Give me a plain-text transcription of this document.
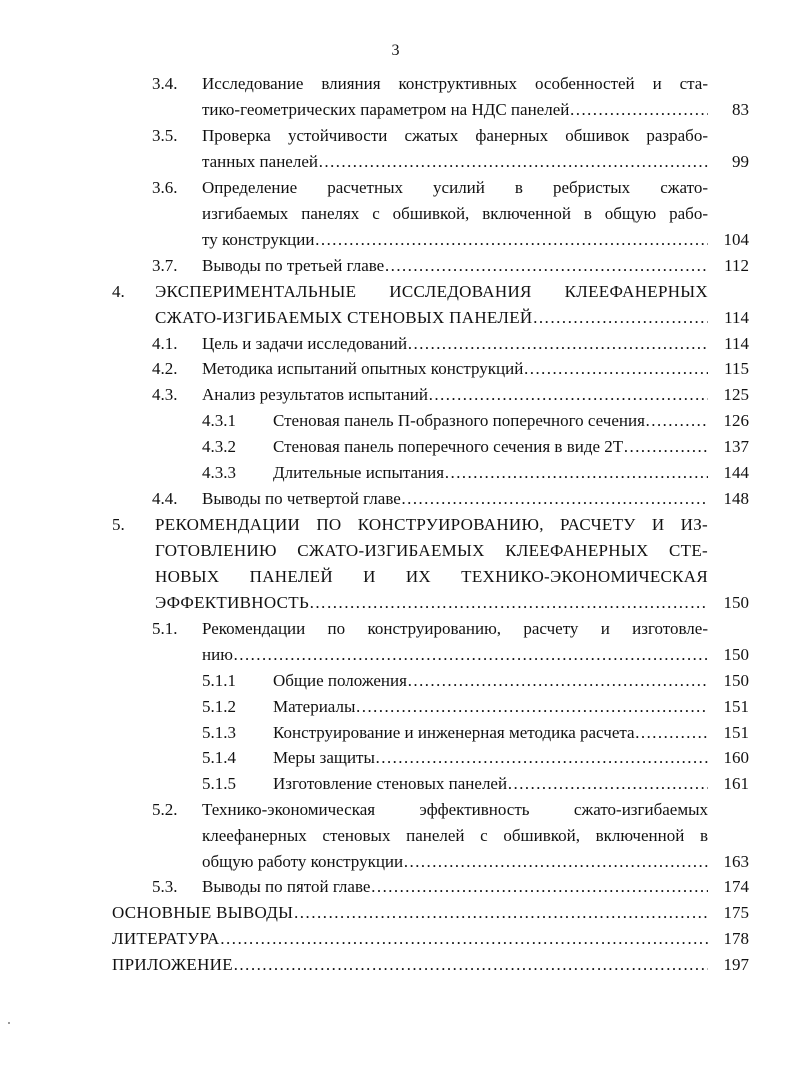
3
3.4. Исследование влияния конструктивных особенностей и ста-
тико-геометрических параметром на НДС панелей …………………………………………………………………………………………………………………………………………	83
3.5. Проверка устойчивости сжатых фанерных обшивок разрабо-
танных панелей …………………………………………………………………………………………………………………………………………	99
3.6. Определение расчетных усилий в ребристых сжато-
изгибаемых панелях с обшивкой, включенной в общую рабо-
ту конструкции …………………………………………………………………………………………………………………………………………	104
3.7. Выводы по третьей главе …………………………………………………………………………………………………………………………………………	112
4. ЭКСПЕРИМЕНТАЛЬНЫЕ ИССЛЕДОВАНИЯ КЛЕЕФАНЕРНЫХ
СЖАТО-ИЗГИБАЕМЫХ СТЕНОВЫХ ПАНЕЛЕЙ …………………………………………………………………………………………………………………………………………	114
4.1. Цель и задачи исследований …………………………………………………………………………………………………………………………………………	114
4.2. Методика испытаний опытных конструкций …………………………………………………………………………………………………………………………………………	115
4.3. Анализ результатов испытаний …………………………………………………………………………………………………………………………………………	125
4.3.1 Стеновая панель П-образного поперечного сечения …………………………………………………………………………………………………………………………………………	126
4.3.2 Стеновая панель поперечного сечения в виде 2Т …………………………………………………………………………………………………………………………………………	137
4.3.3 Длительные испытания …………………………………………………………………………………………………………………………………………	144
4.4. Выводы по четвертой главе …………………………………………………………………………………………………………………………………………	148
5. РЕКОМЕНДАЦИИ ПО КОНСТРУИРОВАНИЮ, РАСЧЕТУ И ИЗ-
ГОТОВЛЕНИЮ СЖАТО-ИЗГИБАЕМЫХ КЛЕЕФАНЕРНЫХ СТЕ-
НОВЫХ ПАНЕЛЕЙ И ИХ ТЕХНИКО-ЭКОНОМИЧЕСКАЯ
ЭФФЕКТИВНОСТЬ …………………………………………………………………………………………………………………………………………	150
5.1. Рекомендации по конструированию, расчету и изготовле-
нию …………………………………………………………………………………………………………………………………………	150
5.1.1 Общие положения …………………………………………………………………………………………………………………………………………	150
5.1.2 Материалы …………………………………………………………………………………………………………………………………………	151
5.1.3 Конструирование и инженерная методика расчета …………………………………………………………………………………………………………………………………………	151
5.1.4 Меры защиты …………………………………………………………………………………………………………………………………………	160
5.1.5 Изготовление стеновых панелей …………………………………………………………………………………………………………………………………………	161
5.2. Технико-экономическая эффективность сжато-изгибаемых
клеефанерных стеновых панелей с обшивкой, включенной в
общую работу конструкции …………………………………………………………………………………………………………………………………………	163
5.3. Выводы по пятой главе …………………………………………………………………………………………………………………………………………	174
ОСНОВНЫЕ ВЫВОДЫ …………………………………………………………………………………………………………………………………………	175
ЛИТЕРАТУРА …………………………………………………………………………………………………………………………………………	178
ПРИЛОЖЕНИЕ …………………………………………………………………………………………………………………………………………	197
